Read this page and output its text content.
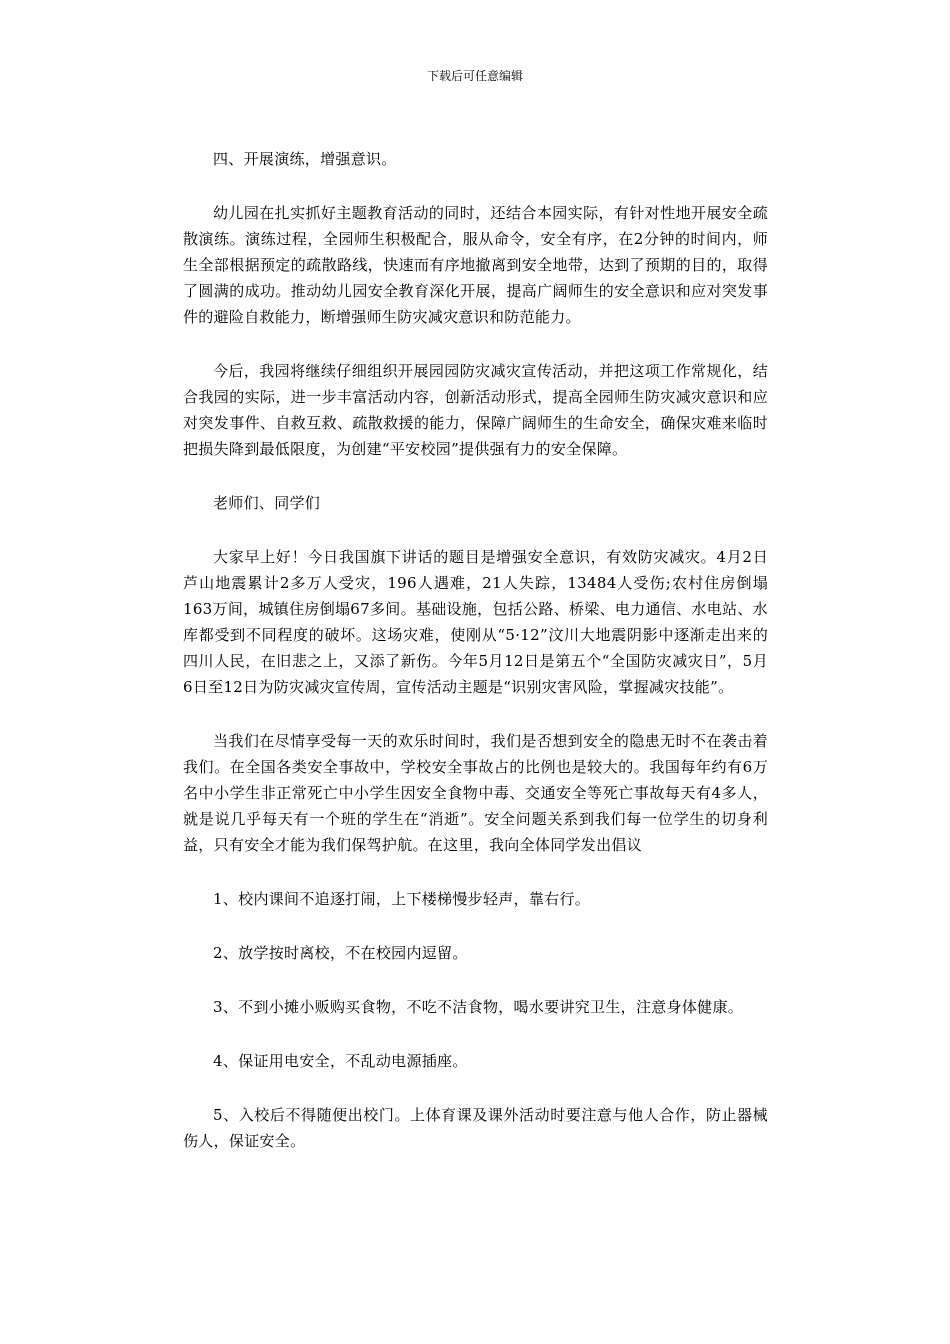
下载后可任意编辑

四、开展演练，增强意识。

幼儿园在扎实抓好主题教育活动的同时，还结合本园实际，有针对性地开展安全疏散演练。演练过程，全园师生积极配合，服从命令，安全有序，在2分钟的时间内，师生全部根据预定的疏散路线，快速而有序地撤离到安全地带，达到了预期的目的，取得了圆满的成功。推动幼儿园安全教育深化开展，提高广阔师生的安全意识和应对突发事件的避险自救能力，断增强师生防灾减灾意识和防范能力。

今后，我园将继续仔细组织开展园园防灾减灾宣传活动，并把这项工作常规化，结合我园的实际，进一步丰富活动内容，创新活动形式，提高全园师生防灾减灾意识和应对突发事件、自救互救、疏散救援的能力，保障广阔师生的生命安全，确保灾难来临时把损失降到最低限度，为创建“平安校园”提供强有力的安全保障。

老师们、同学们

大家早上好！今日我国旗下讲话的题目是增强安全意识，有效防灾减灾。4月2日芦山地震累计2多万人受灾，196人遇难，21人失踪，13484人受伤;农村住房倒塌163万间，城镇住房倒塌67多间。基础设施，包括公路、桥梁、电力通信、水电站、水库都受到不同程度的破坏。这场灾难，使刚从“5·12”汶川大地震阴影中逐渐走出来的四川人民，在旧悲之上，又添了新伤。今年5月12日是第五个“全国防灾减灾日”，5月6日至12日为防灾减灾宣传周，宣传活动主题是“识别灾害风险，掌握减灾技能”。

当我们在尽情享受每一天的欢乐时间时，我们是否想到安全的隐患无时不在袭击着我们。在全国各类安全事故中，学校安全事故占的比例也是较大的。我国每年约有6万名中小学生非正常死亡中小学生因安全食物中毒、交通安全等死亡事故每天有4多人，就是说几乎每天有一个班的学生在“消逝”。安全问题关系到我们每一位学生的切身利益，只有安全才能为我们保驾护航。在这里，我向全体同学发出倡议

1、校内课间不追逐打闹，上下楼梯慢步轻声，靠右行。

2、放学按时离校，不在校园内逗留。

3、不到小摊小贩购买食物，不吃不洁食物，喝水要讲究卫生，注意身体健康。

4、保证用电安全，不乱动电源插座。

5、入校后不得随便出校门。上体育课及课外活动时要注意与他人合作，防止器械伤人，保证安全。
